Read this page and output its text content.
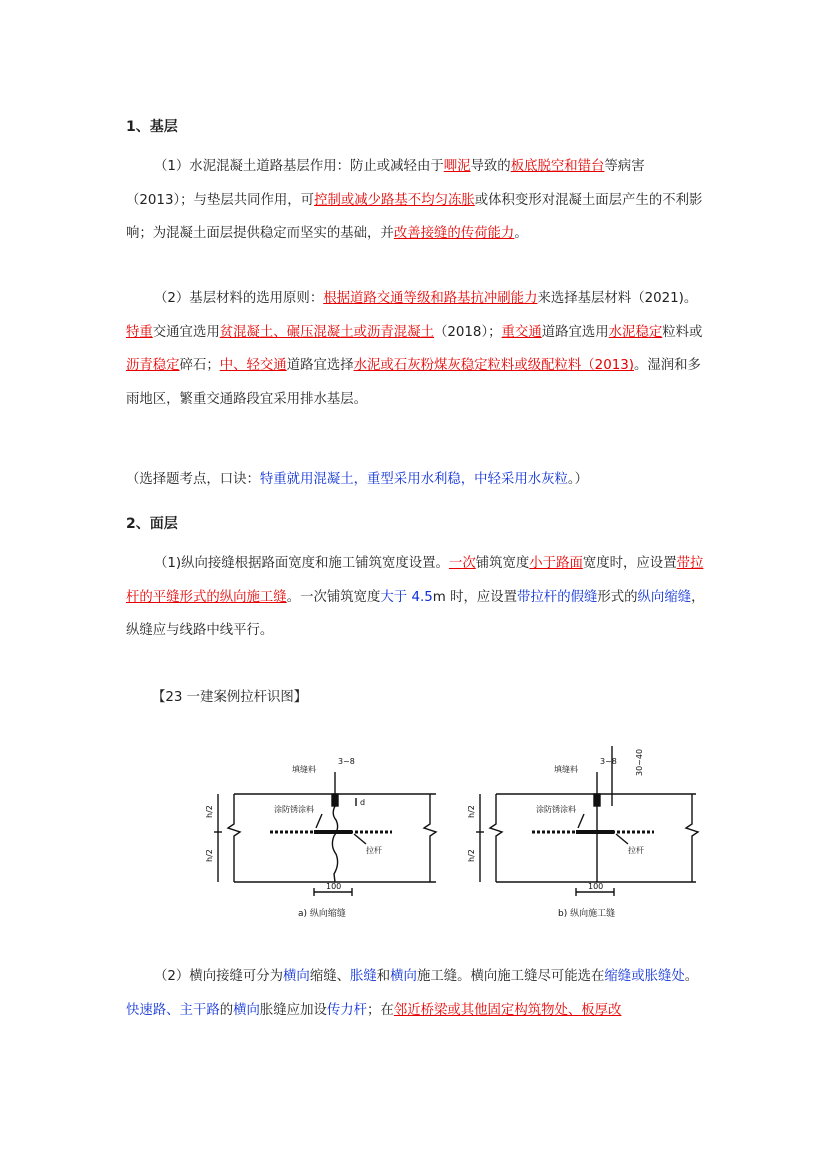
1、基层

（1）水泥混凝土道路基层作用：防止或减轻由于唧泥导致的板底脱空和错台等病害（2013）；与垫层共同作用，可控制或减少路基不均匀冻胀或体积变形对混凝土面层产生的不利影响；为混凝土面层提供稳定而坚实的基础，并改善接缝的传荷能力。

（2）基层材料的选用原则：根据道路交通等级和路基抗冲刷能力来选择基层材料（2021)。特重交通宜选用贫混凝土、碾压混凝土或沥青混凝土（2018）；重交通道路宜选用水泥稳定粒料或沥青稳定碎石；中、轻交通道路宜选择水泥或石灰粉煤灰稳定粒料或级配粒料（2013)。湿润和多雨地区，繁重交通路段宜采用排水基层。

（选择题考点，口诀：特重就用混凝土，重型采用水利稳，中轻采用水灰粒。）
2、面层

（1)纵向接缝根据路面宽度和施工铺筑宽度设置。一次铺筑宽度小于路面宽度时，应设置带拉杆的平缝形式的纵向施工缝。一次铺筑宽度大于 4.5m 时，应设置带拉杆的假缝形式的纵向缩缝，纵缝应与线路中线平行。

【23 一建案例拉杆识图】
填缝料
3~8
d
涂防锈涂料
拉杆
h/2
h/2
100
a) 纵向缩缝
填缝料
3~8 30~40
涂防锈涂料
拉杆
h/2
h/2
100
b) 纵向施工缝

（2）横向接缝可分为横向缩缝、胀缝和横向施工缝。横向施工缝尽可能选在缩缝或胀缝处。快速路、主干路的横向胀缝应加设传力杆；在邻近桥梁或其他固定构筑物处、板厚改
